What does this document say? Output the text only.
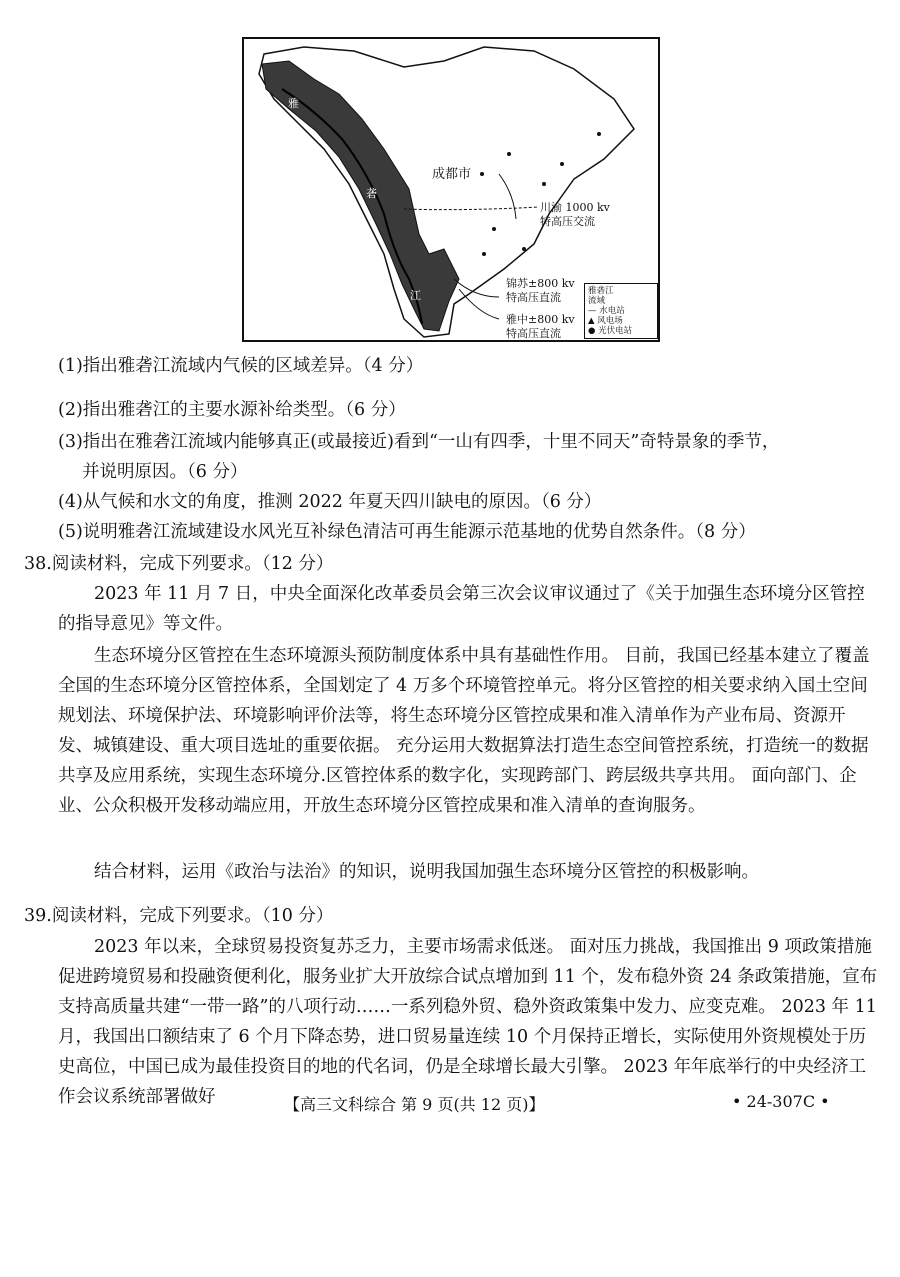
雅
砻
江
成都市
川渝 1000 kv
特高压交流
锦苏±800 kv
特高压直流
雅中±800 kv
特高压直流
雅砻江
流域
— 水电站
▲ 风电场
● 光伏电站
(1)指出雅砻江流域内气候的区域差异。（4 分）
(2)指出雅砻江的主要水源补给类型。（6 分）
(3)指出在雅砻江流域内能够真正(或最接近)看到“一山有四季，十里不同天”奇特景象的季节，
并说明原因。（6 分）
(4)从气候和水文的角度，推测 2022 年夏天四川缺电的原因。（6 分）
(5)说明雅砻江流域建设水风光互补绿色清洁可再生能源示范基地的优势自然条件。（8 分）
38.阅读材料，完成下列要求。（12 分）
2023 年 11 月 7 日，中央全面深化改革委员会第三次会议审议通过了《关于加强生态环境分区管控的指导意见》等文件。
生态环境分区管控在生态环境源头预防制度体系中具有基础性作用。 目前，我国已经基本建立了覆盖全国的生态环境分区管控体系，全国划定了 4 万多个环境管控单元。将分区管控的相关要求纳入国土空间规划法、环境保护法、环境影响评价法等，将生态环境分区管控成果和准入清单作为产业布局、资源开发、城镇建设、重大项目选址的重要依据。 充分运用大数据算法打造生态空间管控系统，打造统一的数据共享及应用系统，实现生态环境分.区管控体系的数字化，实现跨部门、跨层级共享共用。 面向部门、企业、公众积极开发移动端应用，开放生态环境分区管控成果和准入清单的查询服务。
结合材料，运用《政治与法治》的知识，说明我国加强生态环境分区管控的积极影响。
39.阅读材料，完成下列要求。（10 分）
2023 年以来，全球贸易投资复苏乏力，主要市场需求低迷。 面对压力挑战，我国推出 9 项政策措施促进跨境贸易和投融资便利化，服务业扩大开放综合试点增加到 11 个，发布稳外资 24 条政策措施，宣布支持高质量共建“一带一路”的八项行动……一系列稳外贸、稳外资政策集中发力、应变克难。 2023 年 11 月，我国出口额结束了 6 个月下降态势，进口贸易量连续 10 个月保持正增长，实际使用外资规模处于历史高位，中国已成为最佳投资目的地的代名词，仍是全球增长最大引擎。 2023 年年底举行的中央经济工作会议系统部署做好	【高三文科综合 第 9 页(共 12 页)】	• 24-307C •
